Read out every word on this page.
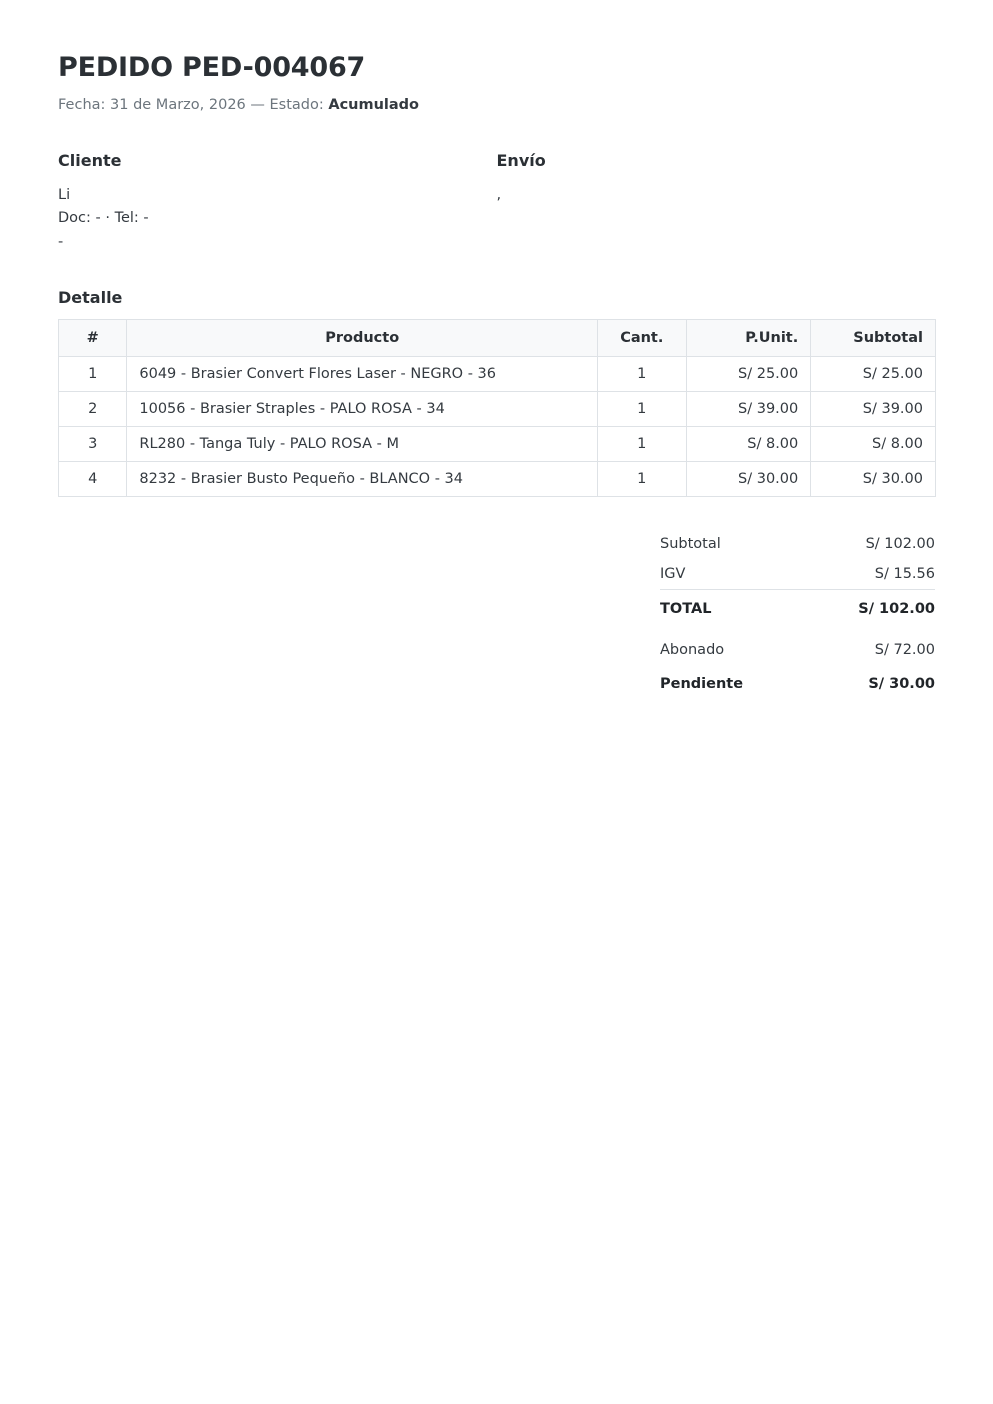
PEDIDO PED-004067

Fecha: 31 de Marzo, 2026 — Estado: Acumulado

Cliente
Li
Doc: - · Tel: -
-
Envío
,
Detalle
#	Producto	Cant.	P.Unit.	Subtotal
1	6049 - Brasier Convert Flores Laser - NEGRO - 36	1	S/ 25.00	S/ 25.00
2	10056 - Brasier Straples - PALO ROSA - 34	1	S/ 39.00	S/ 39.00
3	RL280 - Tanga Tuly - PALO ROSA - M	1	S/ 8.00	S/ 8.00
4	8232 - Brasier Busto Pequeño - BLANCO - 34	1	S/ 30.00	S/ 30.00
Subtotal	S/ 102.00
IGV	S/ 15.56
TOTAL	S/ 102.00
Abonado	S/ 72.00
Pendiente	S/ 30.00
